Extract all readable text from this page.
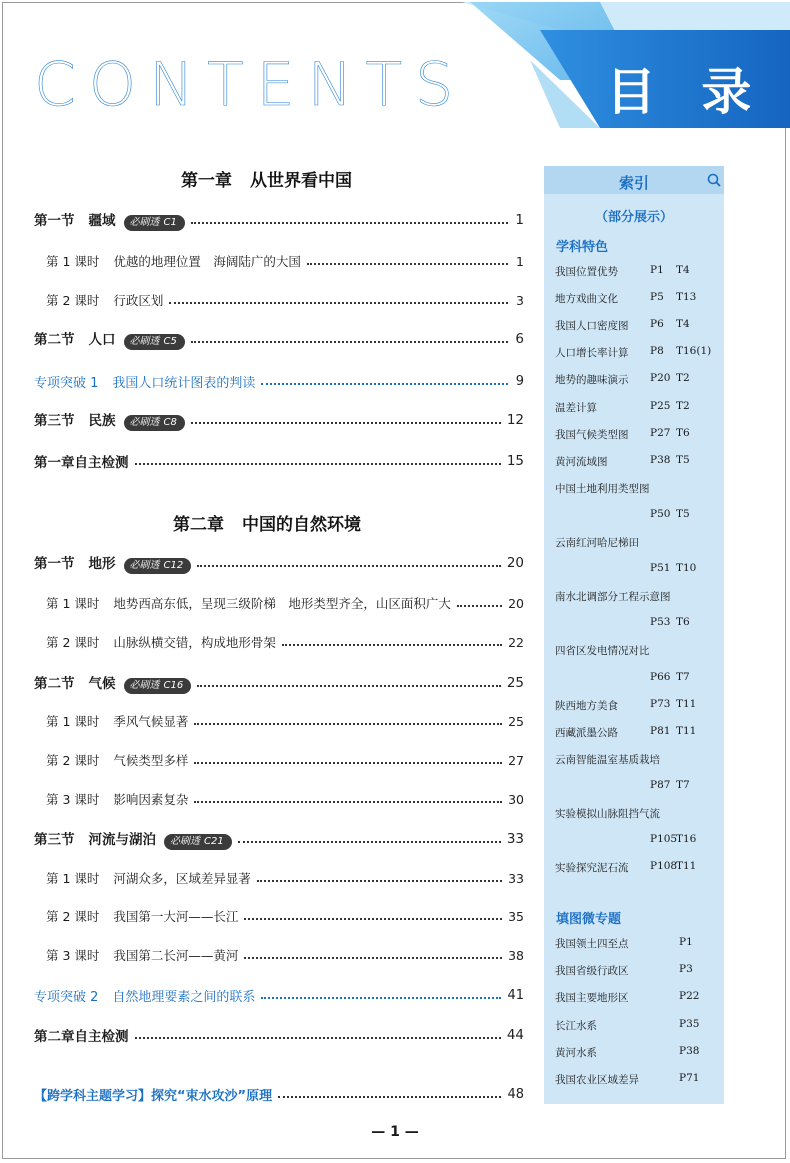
CONTENTS	目 录
第一章 从世界看中国
第一节 疆域 必刷透 C1	1
第 1 课时 优越的地理位置　海阔陆广的大国	1
第 2 课时 行政区划	3
第二节 人口 必刷透 C5	6
专项突破 1 我国人口统计图表的判读	9
第三节 民族 必刷透 C8	12
第一章自主检测	15
第二章 中国的自然环境
第一节 地形 必刷透 C12	20
第 1 课时 地势西高东低，呈现三级阶梯　地形类型齐全，山区面积广大	20
第 2 课时 山脉纵横交错，构成地形骨架	22
第二节 气候 必刷透 C16	25
第 1 课时 季风气候显著	25
第 2 课时 气候类型多样	27
第 3 课时 影响因素复杂	30
第三节 河流与湖泊 必刷透 C21	33
第 1 课时 河湖众多，区域差异显著	33
第 2 课时 我国第一大河——长江	35
第 3 课时 我国第二长河——黄河	38
专项突破 2 自然地理要素之间的联系	41
第二章自主检测	44
【跨学科主题学习】探究“束水攻沙”原理	48
— 1 —
索引
（部分展示）
学科特色
填图微专题
我国位置优势	P1 T4
地方戏曲文化	P5 T13
我国人口密度图 P6 T4
人口增长率计算 P8 T16(1)
地势的趣味演示 P20 T2
温差计算	P25 T2
我国气候类型图 P27 T6
黄河流域图	P38 T5
中国土地利用类型图
P50 T5
云南红河哈尼梯田
P51 T10
南水北调部分工程示意图
P53 T6
四省区发电情况对比
P66 T7
陕西地方美食	P73 T11
西藏派墨公路	P81 T11
云南智能温室基质栽培
P87 T7
实验模拟山脉阻挡气流
P105
T16
实验探究泥石流 P108
T11
我国领土四至点	P1
我国省级行政区	P3
我国主要地形区	P22
长江水系	P35
黄河水系	P38
我国农业区域差异	P71
